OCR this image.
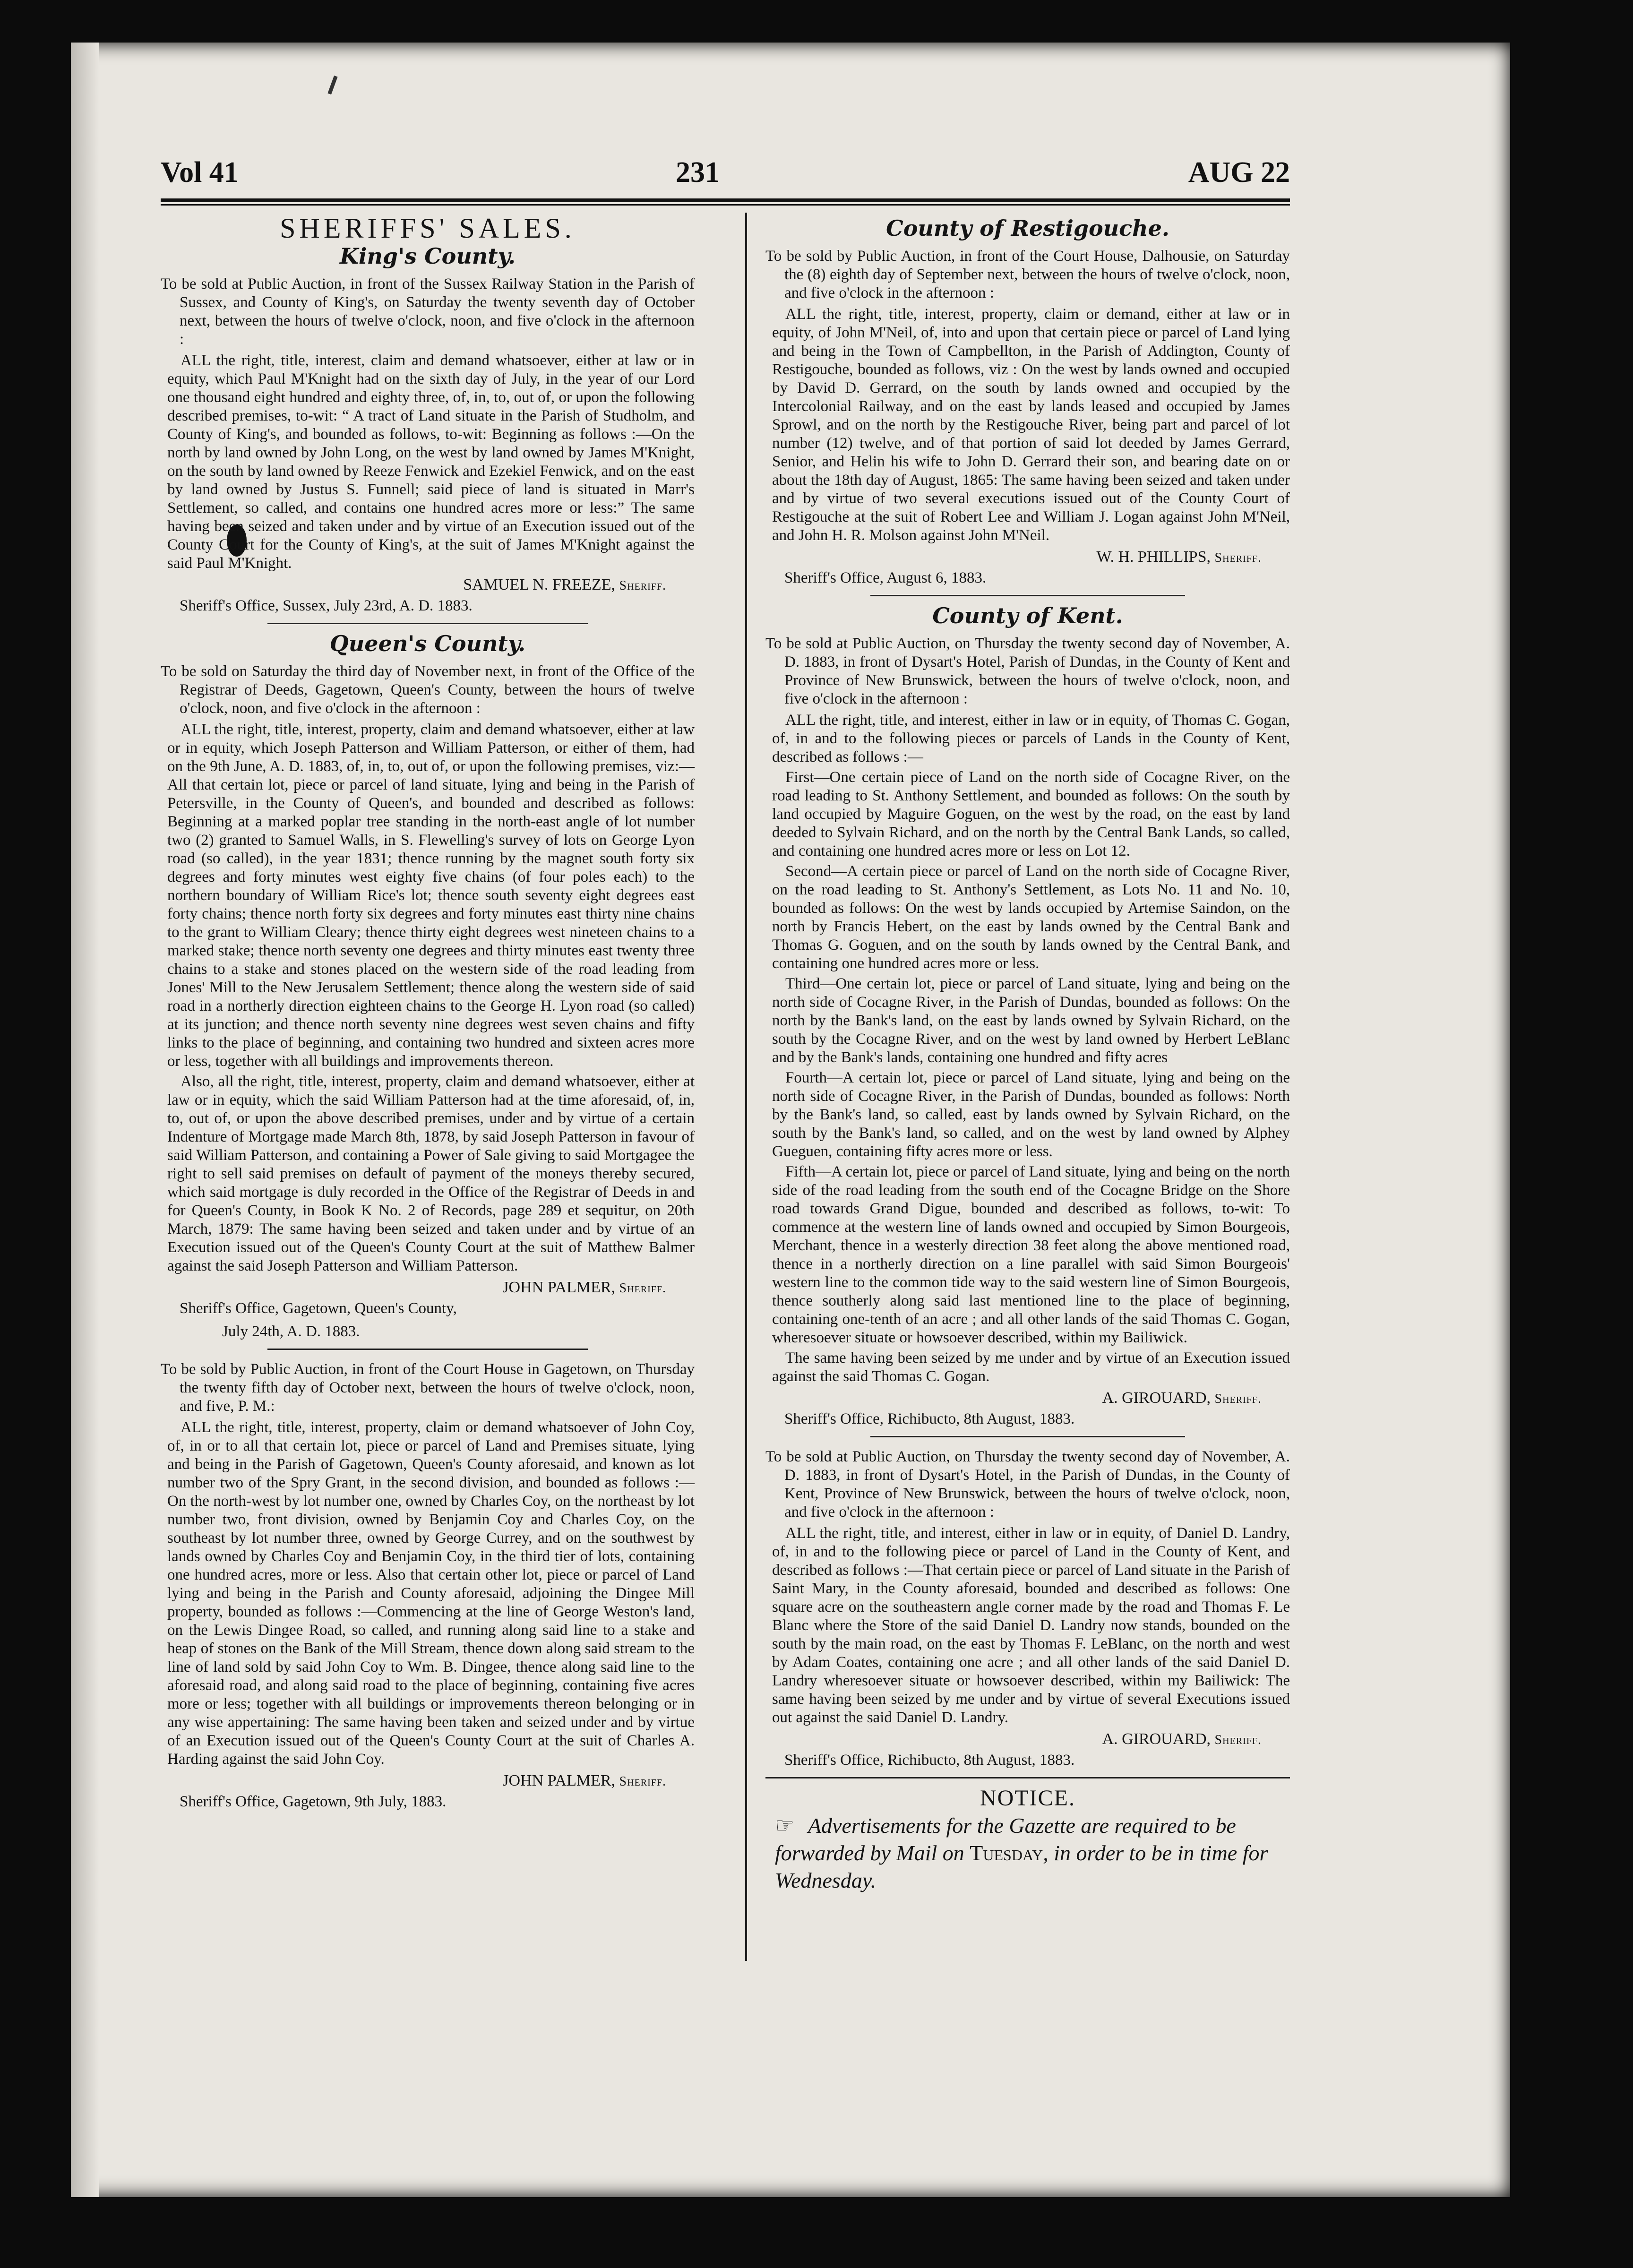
Vol 41	231	AUG 22
SHERIFFS' SALES.
King's County.

To be sold at Public Auction, in front of the Sussex Railway Station in the Parish of Sussex, and County of King's, on Saturday the twenty seventh day of October next, between the hours of twelve o'clock, noon, and five o'clock in the afternoon :

ALL the right, title, interest, claim and demand whatsoever, either at law or in equity, which Paul M'Knight had on the sixth day of July, in the year of our Lord one thousand eight hundred and eighty three, of, in, to, out of, or upon the following described premises, to-wit: “ A tract of Land situate in the Parish of Studholm, and County of King's, and bounded as follows, to-wit: Beginning as follows :—On the north by land owned by John Long, on the west by land owned by James M'Knight, on the south by land owned by Reeze Fenwick and Ezekiel Fenwick, and on the east by land owned by Justus S. Funnell; said piece of land is situated in Marr's Settlement, so called, and contains one hundred acres more or less:” The same having been seized and taken under and by virtue of an Execution issued out of the County Court for the County of King's, at the suit of James M'Knight against the said Paul M'Knight.

SAMUEL N. FREEZE, Sheriff.
Sheriff's Office, Sussex, July 23rd, A. D. 1883.
Queen's County.

To be sold on Saturday the third day of November next, in front of the Office of the Registrar of Deeds, Gagetown, Queen's County, between the hours of twelve o'clock, noon, and five o'clock in the afternoon :

ALL the right, title, interest, property, claim and demand whatsoever, either at law or in equity, which Joseph Patterson and William Patterson, or either of them, had on the 9th June, A. D. 1883, of, in, to, out of, or upon the following premises, viz:—All that certain lot, piece or parcel of land situate, lying and being in the Parish of Petersville, in the County of Queen's, and bounded and described as follows: Beginning at a marked poplar tree standing in the north-east angle of lot number two (2) granted to Samuel Walls, in S. Flewelling's survey of lots on George Lyon road (so called), in the year 1831; thence running by the magnet south forty six degrees and forty minutes west eighty five chains (of four poles each) to the northern boundary of William Rice's lot; thence south seventy eight degrees east forty chains; thence north forty six degrees and forty minutes east thirty nine chains to the grant to William Cleary; thence thirty eight degrees west nineteen chains to a marked stake; thence north seventy one degrees and thirty minutes east twenty three chains to a stake and stones placed on the western side of the road leading from Jones' Mill to the New Jerusalem Settlement; thence along the western side of said road in a northerly direction eighteen chains to the George H. Lyon road (so called) at its junction; and thence north seventy nine degrees west seven chains and fifty links to the place of beginning, and containing two hundred and sixteen acres more or less, together with all buildings and improvements thereon.

Also, all the right, title, interest, property, claim and demand whatsoever, either at law or in equity, which the said William Patterson had at the time aforesaid, of, in, to, out of, or upon the above described premises, under and by virtue of a certain Indenture of Mortgage made March 8th, 1878, by said Joseph Patterson in favour of said William Patterson, and containing a Power of Sale giving to said Mortgagee the right to sell said premises on default of payment of the moneys thereby secured, which said mortgage is duly recorded in the Office of the Registrar of Deeds in and for Queen's County, in Book K No. 2 of Records, page 289 et sequitur, on 20th March, 1879: The same having been seized and taken under and by virtue of an Execution issued out of the Queen's County Court at the suit of Matthew Balmer against the said Joseph Patterson and William Patterson.

JOHN PALMER, Sheriff.
Sheriff's Office, Gagetown, Queen's County,
July 24th, A. D. 1883.

To be sold by Public Auction, in front of the Court House in Gagetown, on Thursday the twenty fifth day of October next, between the hours of twelve o'clock, noon, and five, P. M.:

ALL the right, title, interest, property, claim or demand whatsoever of John Coy, of, in or to all that certain lot, piece or parcel of Land and Premises situate, lying and being in the Parish of Gagetown, Queen's County aforesaid, and known as lot number two of the Spry Grant, in the second division, and bounded as follows :—On the north-west by lot number one, owned by Charles Coy, on the northeast by lot number two, front division, owned by Benjamin Coy and Charles Coy, on the southeast by lot number three, owned by George Currey, and on the southwest by lands owned by Charles Coy and Benjamin Coy, in the third tier of lots, containing one hundred acres, more or less. Also that certain other lot, piece or parcel of Land lying and being in the Parish and County aforesaid, adjoining the Dingee Mill property, bounded as follows :—Commencing at the line of George Weston's land, on the Lewis Dingee Road, so called, and running along said line to a stake and heap of stones on the Bank of the Mill Stream, thence down along said stream to the line of land sold by said John Coy to Wm. B. Dingee, thence along said line to the aforesaid road, and along said road to the place of beginning, containing five acres more or less; together with all buildings or improvements thereon belonging or in any wise appertaining: The same having been taken and seized under and by virtue of an Execution issued out of the Queen's County Court at the suit of Charles A. Harding against the said John Coy.

JOHN PALMER, Sheriff.
Sheriff's Office, Gagetown, 9th July, 1883.
County of Restigouche.

To be sold by Public Auction, in front of the Court House, Dalhousie, on Saturday the (8) eighth day of September next, between the hours of twelve o'clock, noon, and five o'clock in the afternoon :

ALL the right, title, interest, property, claim or demand, either at law or in equity, of John M'Neil, of, into and upon that certain piece or parcel of Land lying and being in the Town of Campbellton, in the Parish of Addington, County of Restigouche, bounded as follows, viz : On the west by lands owned and occupied by David D. Gerrard, on the south by lands owned and occupied by the Intercolonial Railway, and on the east by lands leased and occupied by James Sprowl, and on the north by the Restigouche River, being part and parcel of lot number (12) twelve, and of that portion of said lot deeded by James Gerrard, Senior, and Helin his wife to John D. Gerrard their son, and bearing date on or about the 18th day of August, 1865: The same having been seized and taken under and by virtue of two several executions issued out of the County Court of Restigouche at the suit of Robert Lee and William J. Logan against John M'Neil, and John H. R. Molson against John M'Neil.

W. H. PHILLIPS, Sheriff.
Sheriff's Office, August 6, 1883.
County of Kent.

To be sold at Public Auction, on Thursday the twenty second day of November, A. D. 1883, in front of Dysart's Hotel, Parish of Dundas, in the County of Kent and Province of New Brunswick, between the hours of twelve o'clock, noon, and five o'clock in the afternoon :

ALL the right, title, and interest, either in law or in equity, of Thomas C. Gogan, of, in and to the following pieces or parcels of Lands in the County of Kent, described as follows :—

First—One certain piece of Land on the north side of Cocagne River, on the road leading to St. Anthony Settlement, and bounded as follows: On the south by land occupied by Maguire Goguen, on the west by the road, on the east by land deeded to Sylvain Richard, and on the north by the Central Bank Lands, so called, and containing one hundred acres more or less on Lot 12.

Second—A certain piece or parcel of Land on the north side of Cocagne River, on the road leading to St. Anthony's Settlement, as Lots No. 11 and No. 10, bounded as follows: On the west by lands occupied by Artemise Saindon, on the north by Francis Hebert, on the east by lands owned by the Central Bank and Thomas G. Goguen, and on the south by lands owned by the Central Bank, and containing one hundred acres more or less.

Third—One certain lot, piece or parcel of Land situate, lying and being on the north side of Cocagne River, in the Parish of Dundas, bounded as follows: On the north by the Bank's land, on the east by lands owned by Sylvain Richard, on the south by the Cocagne River, and on the west by land owned by Herbert LeBlanc and by the Bank's lands, containing one hundred and fifty acres

Fourth—A certain lot, piece or parcel of Land situate, lying and being on the north side of Cocagne River, in the Parish of Dundas, bounded as follows: North by the Bank's land, so called, east by lands owned by Sylvain Richard, on the south by the Bank's land, so called, and on the west by land owned by Alphey Gueguen, containing fifty acres more or less.

Fifth—A certain lot, piece or parcel of Land situate, lying and being on the north side of the road leading from the south end of the Cocagne Bridge on the Shore road towards Grand Digue, bounded and described as follows, to-wit: To commence at the western line of lands owned and occupied by Simon Bourgeois, Merchant, thence in a westerly direction 38 feet along the above mentioned road, thence in a northerly direction on a line parallel with said Simon Bourgeois' western line to the common tide way to the said western line of Simon Bourgeois, thence southerly along said last mentioned line to the place of beginning, containing one-tenth of an acre ; and all other lands of the said Thomas C. Gogan, wheresoever situate or howsoever described, within my Bailiwick.

The same having been seized by me under and by virtue of an Execution issued against the said Thomas C. Gogan.

A. GIROUARD, Sheriff.
Sheriff's Office, Richibucto, 8th August, 1883.

To be sold at Public Auction, on Thursday the twenty second day of November, A. D. 1883, in front of Dysart's Hotel, in the Parish of Dundas, in the County of Kent, Province of New Brunswick, between the hours of twelve o'clock, noon, and five o'clock in the afternoon :

ALL the right, title, and interest, either in law or in equity, of Daniel D. Landry, of, in and to the following piece or parcel of Land in the County of Kent, and described as follows :—That certain piece or parcel of Land situate in the Parish of Saint Mary, in the County aforesaid, bounded and described as follows: One square acre on the southeastern angle corner made by the road and Thomas F. Le Blanc where the Store of the said Daniel D. Landry now stands, bounded on the south by the main road, on the east by Thomas F. LeBlanc, on the north and west by Adam Coates, containing one acre ; and all other lands of the said Daniel D. Landry wheresoever situate or howsoever described, within my Bailiwick: The same having been seized by me under and by virtue of several Executions issued out against the said Daniel D. Landry.

A. GIROUARD, Sheriff.
Sheriff's Office, Richibucto, 8th August, 1883.
NOTICE.
☞ Advertisements for the Gazette are required to be forwarded by Mail on Tuesday, in order to be in time for Wednesday.
